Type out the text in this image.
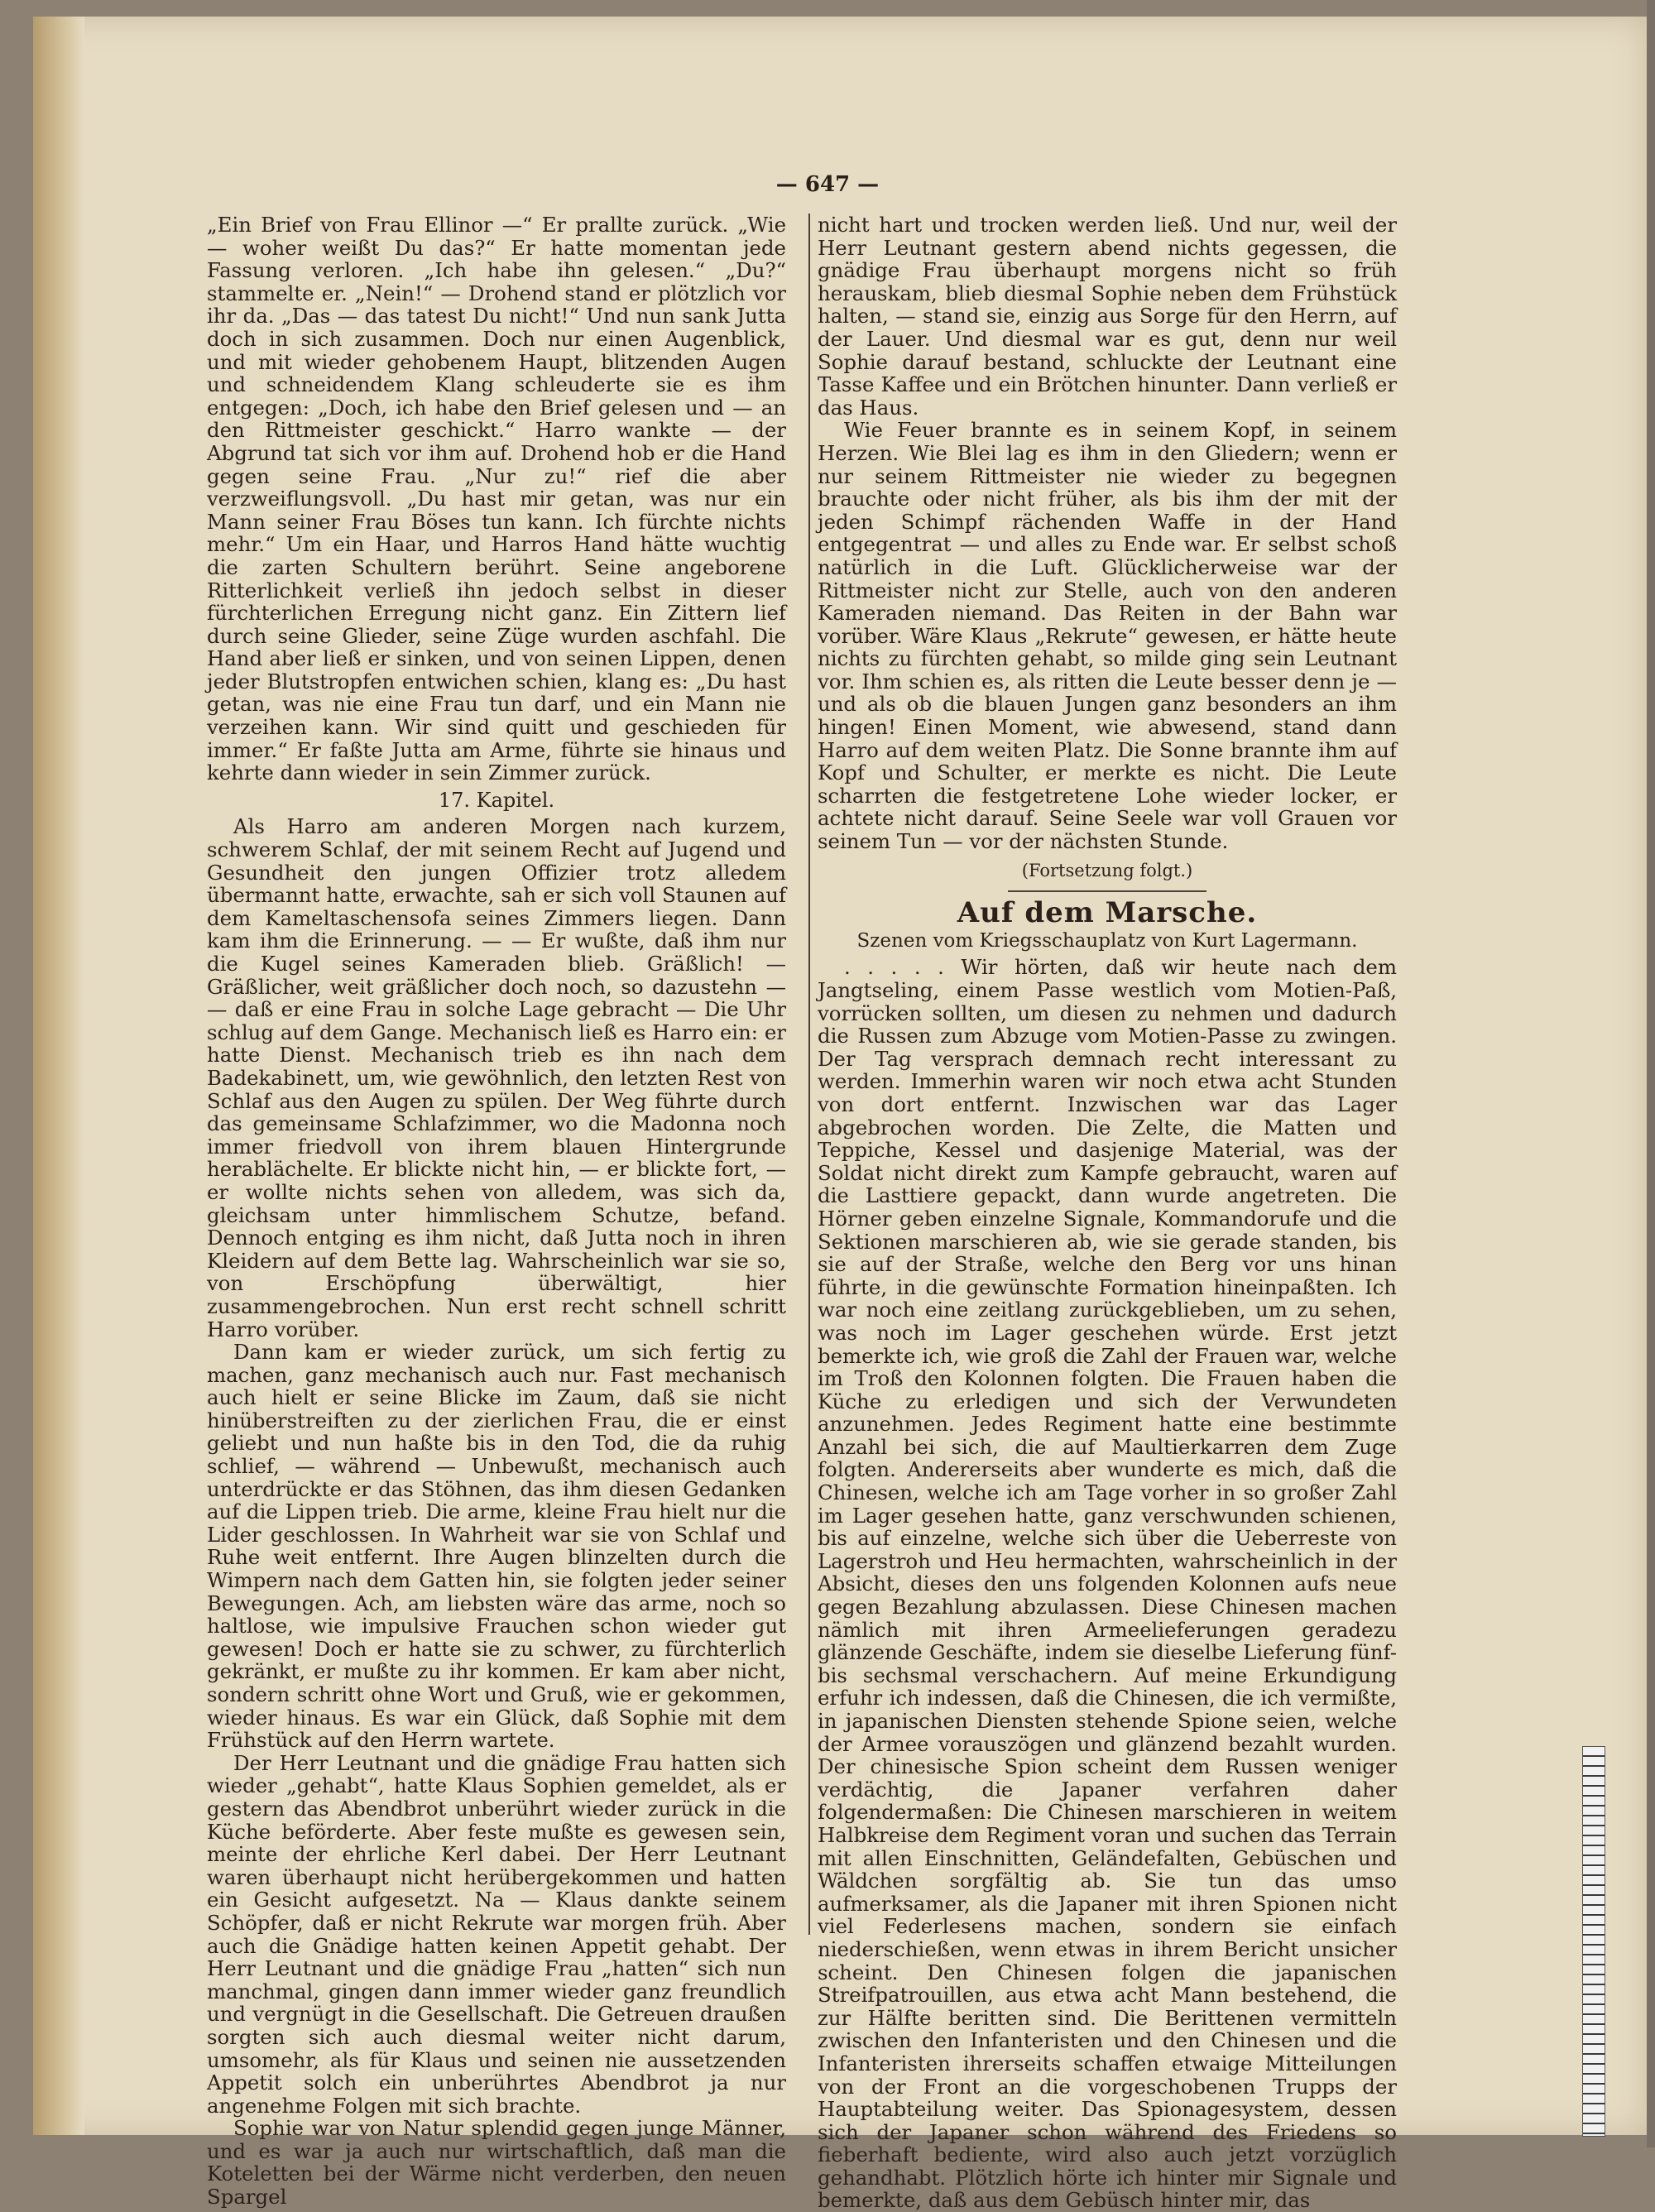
— 647 —

„Ein Brief von Frau Ellinor —“ Er prallte zurück. „Wie — woher weißt Du das?“ Er hatte momentan jede Fassung verloren. „Ich habe ihn gelesen.“ „Du?“ stammelte er. „Nein!“ — Drohend stand er plötzlich vor ihr da. „Das — das tatest Du nicht!“ Und nun sank Jutta doch in sich zusammen. Doch nur einen Augenblick, und mit wieder gehobenem Haupt, blitzenden Augen und schneidendem Klang schleuderte sie es ihm entgegen: „Doch, ich habe den Brief gelesen und — an den Rittmeister geschickt.“ Harro wankte — der Abgrund tat sich vor ihm auf. Drohend hob er die Hand gegen seine Frau. „Nur zu!“ rief die aber verzweiflungsvoll. „Du hast mir getan, was nur ein Mann seiner Frau Böses tun kann. Ich fürchte nichts mehr.“ Um ein Haar, und Harros Hand hätte wuchtig die zarten Schultern berührt. Seine angeborene Ritterlichkeit verließ ihn jedoch selbst in dieser fürchterlichen Erregung nicht ganz. Ein Zittern lief durch seine Glieder, seine Züge wurden aschfahl. Die Hand aber ließ er sinken, und von seinen Lippen, denen jeder Blutstropfen entwichen schien, klang es: „Du hast getan, was nie eine Frau tun darf, und ein Mann nie verzeihen kann. Wir sind quitt und geschieden für immer.“ Er faßte Jutta am Arme, führte sie hinaus und kehrte dann wieder in sein Zimmer zurück.

17. Kapitel.

Als Harro am anderen Morgen nach kurzem, schwerem Schlaf, der mit seinem Recht auf Jugend und Gesundheit den jungen Offizier trotz alledem übermannt hatte, erwachte, sah er sich voll Staunen auf dem Kameltaschensofa seines Zimmers liegen. Dann kam ihm die Erinnerung. — — Er wußte, daß ihm nur die Kugel seines Kameraden blieb. Gräßlich! — Gräßlicher, weit gräßlicher doch noch, so dazustehn — — daß er eine Frau in solche Lage gebracht — Die Uhr schlug auf dem Gange. Mechanisch ließ es Harro ein: er hatte Dienst. Mechanisch trieb es ihn nach dem Badekabinett, um, wie gewöhnlich, den letzten Rest von Schlaf aus den Augen zu spülen. Der Weg führte durch das gemeinsame Schlafzimmer, wo die Madonna noch immer friedvoll von ihrem blauen Hintergrunde herablächelte. Er blickte nicht hin, — er blickte fort, — er wollte nichts sehen von alledem, was sich da, gleichsam unter himmlischem Schutze, befand. Dennoch entging es ihm nicht, daß Jutta noch in ihren Kleidern auf dem Bette lag. Wahrscheinlich war sie so, von Erschöpfung überwältigt, hier zusammengebrochen. Nun erst recht schnell schritt Harro vorüber.

Dann kam er wieder zurück, um sich fertig zu machen, ganz mechanisch auch nur. Fast mechanisch auch hielt er seine Blicke im Zaum, daß sie nicht hinüberstreiften zu der zierlichen Frau, die er einst geliebt und nun haßte bis in den Tod, die da ruhig schlief, — während — Unbewußt, mechanisch auch unterdrückte er das Stöhnen, das ihm diesen Gedanken auf die Lippen trieb. Die arme, kleine Frau hielt nur die Lider geschlossen. In Wahrheit war sie von Schlaf und Ruhe weit entfernt. Ihre Augen blinzelten durch die Wimpern nach dem Gatten hin, sie folgten jeder seiner Bewegungen. Ach, am liebsten wäre das arme, noch so haltlose, wie impulsive Frauchen schon wieder gut gewesen! Doch er hatte sie zu schwer, zu fürchterlich gekränkt, er mußte zu ihr kommen. Er kam aber nicht, sondern schritt ohne Wort und Gruß, wie er gekommen, wieder hinaus. Es war ein Glück, daß Sophie mit dem Frühstück auf den Herrn wartete.

Der Herr Leutnant und die gnädige Frau hatten sich wieder „gehabt“, hatte Klaus Sophien gemeldet, als er gestern das Abendbrot unberührt wieder zurück in die Küche beförderte. Aber feste mußte es gewesen sein, meinte der ehrliche Kerl dabei. Der Herr Leutnant waren überhaupt nicht herübergekommen und hatten ein Gesicht aufgesetzt. Na — Klaus dankte seinem Schöpfer, daß er nicht Rekrute war morgen früh. Aber auch die Gnädige hatten keinen Appetit gehabt. Der Herr Leutnant und die gnädige Frau „hatten“ sich nun manchmal, gingen dann immer wieder ganz freundlich und vergnügt in die Gesellschaft. Die Getreuen draußen sorgten sich auch diesmal weiter nicht darum, umsomehr, als für Klaus und seinen nie aussetzenden Appetit solch ein unberührtes Abendbrot ja nur angenehme Folgen mit sich brachte.

Sophie war von Natur splendid gegen junge Männer, und es war ja auch nur wirtschaftlich, daß man die Koteletten bei der Wärme nicht verderben, den neuen Spargel

nicht hart und trocken werden ließ. Und nur, weil der Herr Leutnant gestern abend nichts gegessen, die gnädige Frau überhaupt morgens nicht so früh herauskam, blieb diesmal Sophie neben dem Frühstück halten, — stand sie, einzig aus Sorge für den Herrn, auf der Lauer. Und diesmal war es gut, denn nur weil Sophie darauf bestand, schluckte der Leutnant eine Tasse Kaffee und ein Brötchen hinunter. Dann verließ er das Haus.

Wie Feuer brannte es in seinem Kopf, in seinem Herzen. Wie Blei lag es ihm in den Gliedern; wenn er nur seinem Rittmeister nie wieder zu begegnen brauchte oder nicht früher, als bis ihm der mit der jeden Schimpf rächenden Waffe in der Hand entgegentrat — und alles zu Ende war. Er selbst schoß natürlich in die Luft. Glücklicherweise war der Rittmeister nicht zur Stelle, auch von den anderen Kameraden niemand. Das Reiten in der Bahn war vorüber. Wäre Klaus „Rekrute“ gewesen, er hätte heute nichts zu fürchten gehabt, so milde ging sein Leutnant vor. Ihm schien es, als ritten die Leute besser denn je — und als ob die blauen Jungen ganz besonders an ihm hingen! Einen Moment, wie abwesend, stand dann Harro auf dem weiten Platz. Die Sonne brannte ihm auf Kopf und Schulter, er merkte es nicht. Die Leute scharrten die festgetretene Lohe wieder locker, er achtete nicht darauf. Seine Seele war voll Grauen vor seinem Tun — vor der nächsten Stunde.

(Fortsetzung folgt.)
Auf dem Marsche.
Szenen vom Kriegsschauplatz von Kurt Lagermann.

. . . . . Wir hörten, daß wir heute nach dem Jangtseling, einem Passe westlich vom Motien-Paß, vorrücken sollten, um diesen zu nehmen und dadurch die Russen zum Abzuge vom Motien-Passe zu zwingen. Der Tag versprach demnach recht interessant zu werden. Immerhin waren wir noch etwa acht Stunden von dort entfernt. Inzwischen war das Lager abgebrochen worden. Die Zelte, die Matten und Teppiche, Kessel und dasjenige Material, was der Soldat nicht direkt zum Kampfe gebraucht, waren auf die Lasttiere gepackt, dann wurde angetreten. Die Hörner geben einzelne Signale, Kommandorufe und die Sektionen marschieren ab, wie sie gerade standen, bis sie auf der Straße, welche den Berg vor uns hinan führte, in die gewünschte Formation hineinpaßten. Ich war noch eine zeitlang zurückgeblieben, um zu sehen, was noch im Lager geschehen würde. Erst jetzt bemerkte ich, wie groß die Zahl der Frauen war, welche im Troß den Kolonnen folgten. Die Frauen haben die Küche zu erledigen und sich der Verwundeten anzunehmen. Jedes Regiment hatte eine bestimmte Anzahl bei sich, die auf Maultierkarren dem Zuge folgten. Andererseits aber wunderte es mich, daß die Chinesen, welche ich am Tage vorher in so großer Zahl im Lager gesehen hatte, ganz verschwunden schienen, bis auf einzelne, welche sich über die Ueberreste von Lagerstroh und Heu hermachten, wahrscheinlich in der Absicht, dieses den uns folgenden Kolonnen aufs neue gegen Bezahlung abzulassen. Diese Chinesen machen nämlich mit ihren Armeelieferungen geradezu glänzende Geschäfte, indem sie dieselbe Lieferung fünf- bis sechsmal verschachern. Auf meine Erkundigung erfuhr ich indessen, daß die Chinesen, die ich vermißte, in japanischen Diensten stehende Spione seien, welche der Armee vorauszögen und glänzend bezahlt wurden. Der chinesische Spion scheint dem Russen weniger verdächtig, die Japaner verfahren daher folgendermaßen: Die Chinesen marschieren in weitem Halbkreise dem Regiment voran und suchen das Terrain mit allen Einschnitten, Geländefalten, Gebüschen und Wäldchen sorgfältig ab. Sie tun das umso aufmerksamer, als die Japaner mit ihren Spionen nicht viel Federlesens machen, sondern sie einfach niederschießen, wenn etwas in ihrem Bericht unsicher scheint. Den Chinesen folgen die japanischen Streifpatrouillen, aus etwa acht Mann bestehend, die zur Hälfte beritten sind. Die Berittenen vermitteln zwischen den Infanteristen und den Chinesen und die Infanteristen ihrerseits schaffen etwaige Mitteilungen von der Front an die vorgeschobenen Trupps der Hauptabteilung weiter. Das Spionagesystem, dessen sich der Japaner schon während des Friedens so fieberhaft bediente, wird also auch jetzt vorzüglich gehandhabt. Plötzlich hörte ich hinter mir Signale und bemerkte, daß aus dem Gebüsch hinter mir, das
